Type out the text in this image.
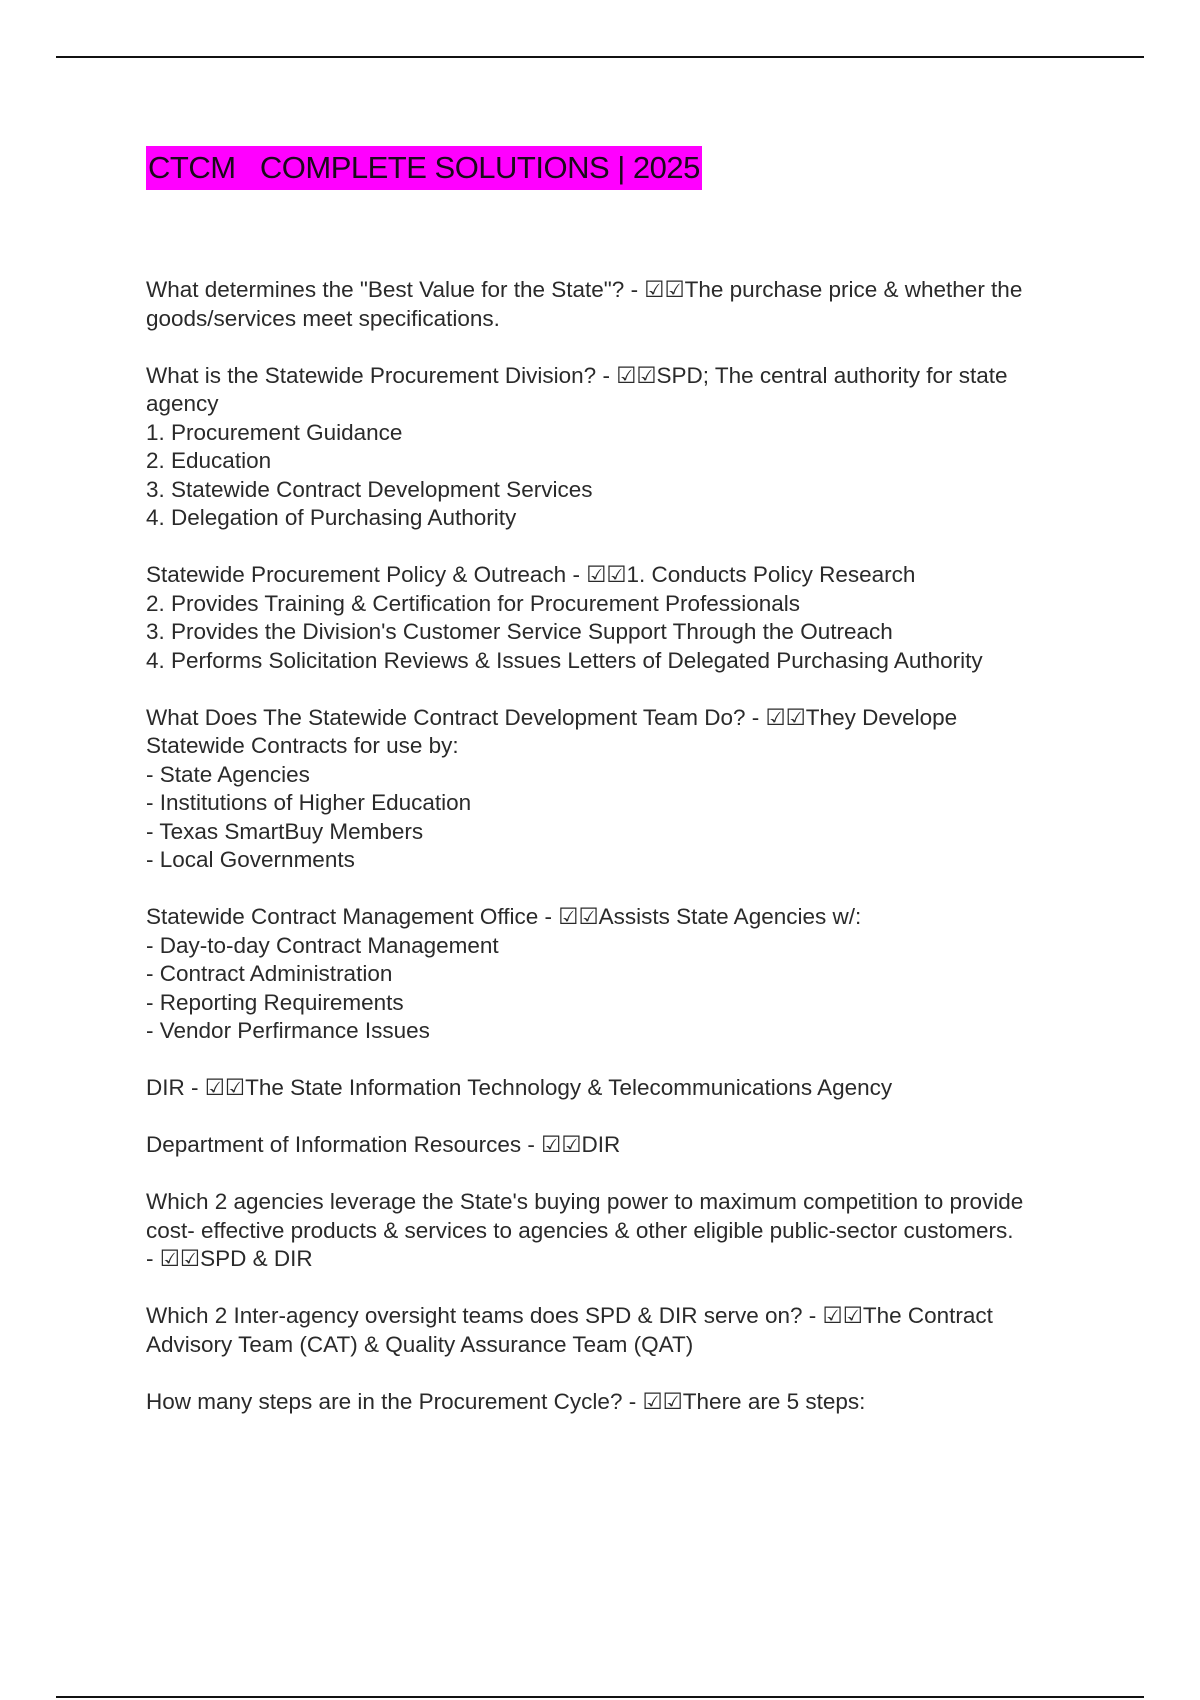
CTCM   COMPLETE SOLUTIONS | 2025
What determines the "Best Value for the State"? - ☑☑The purchase price & whether the
goods/services meet specifications.
What is the Statewide Procurement Division? - ☑☑SPD; The central authority for state
agency
1. Procurement Guidance
2. Education
3. Statewide Contract Development Services
4. Delegation of Purchasing Authority
Statewide Procurement Policy & Outreach - ☑☑1. Conducts Policy Research
2. Provides Training & Certification for Procurement Professionals
3. Provides the Division's Customer Service Support Through the Outreach
4. Performs Solicitation Reviews & Issues Letters of Delegated Purchasing Authority
What Does The Statewide Contract Development Team Do? - ☑☑They Develope
Statewide Contracts for use by:
- State Agencies
- Institutions of Higher Education
- Texas SmartBuy Members
- Local Governments
Statewide Contract Management Office - ☑☑Assists State Agencies w/:
- Day-to-day Contract Management
- Contract Administration
- Reporting Requirements
- Vendor Perfirmance Issues
DIR - ☑☑The State Information Technology & Telecommunications Agency
Department of Information Resources - ☑☑DIR
Which 2 agencies leverage the State's buying power to maximum competition to provide
cost- effective products & services to agencies & other eligible public-sector customers.
- ☑☑SPD & DIR
Which 2 Inter-agency oversight teams does SPD & DIR serve on? - ☑☑The Contract
Advisory Team (CAT) & Quality Assurance Team (QAT)
How many steps are in the Procurement Cycle? - ☑☑There are 5 steps:
